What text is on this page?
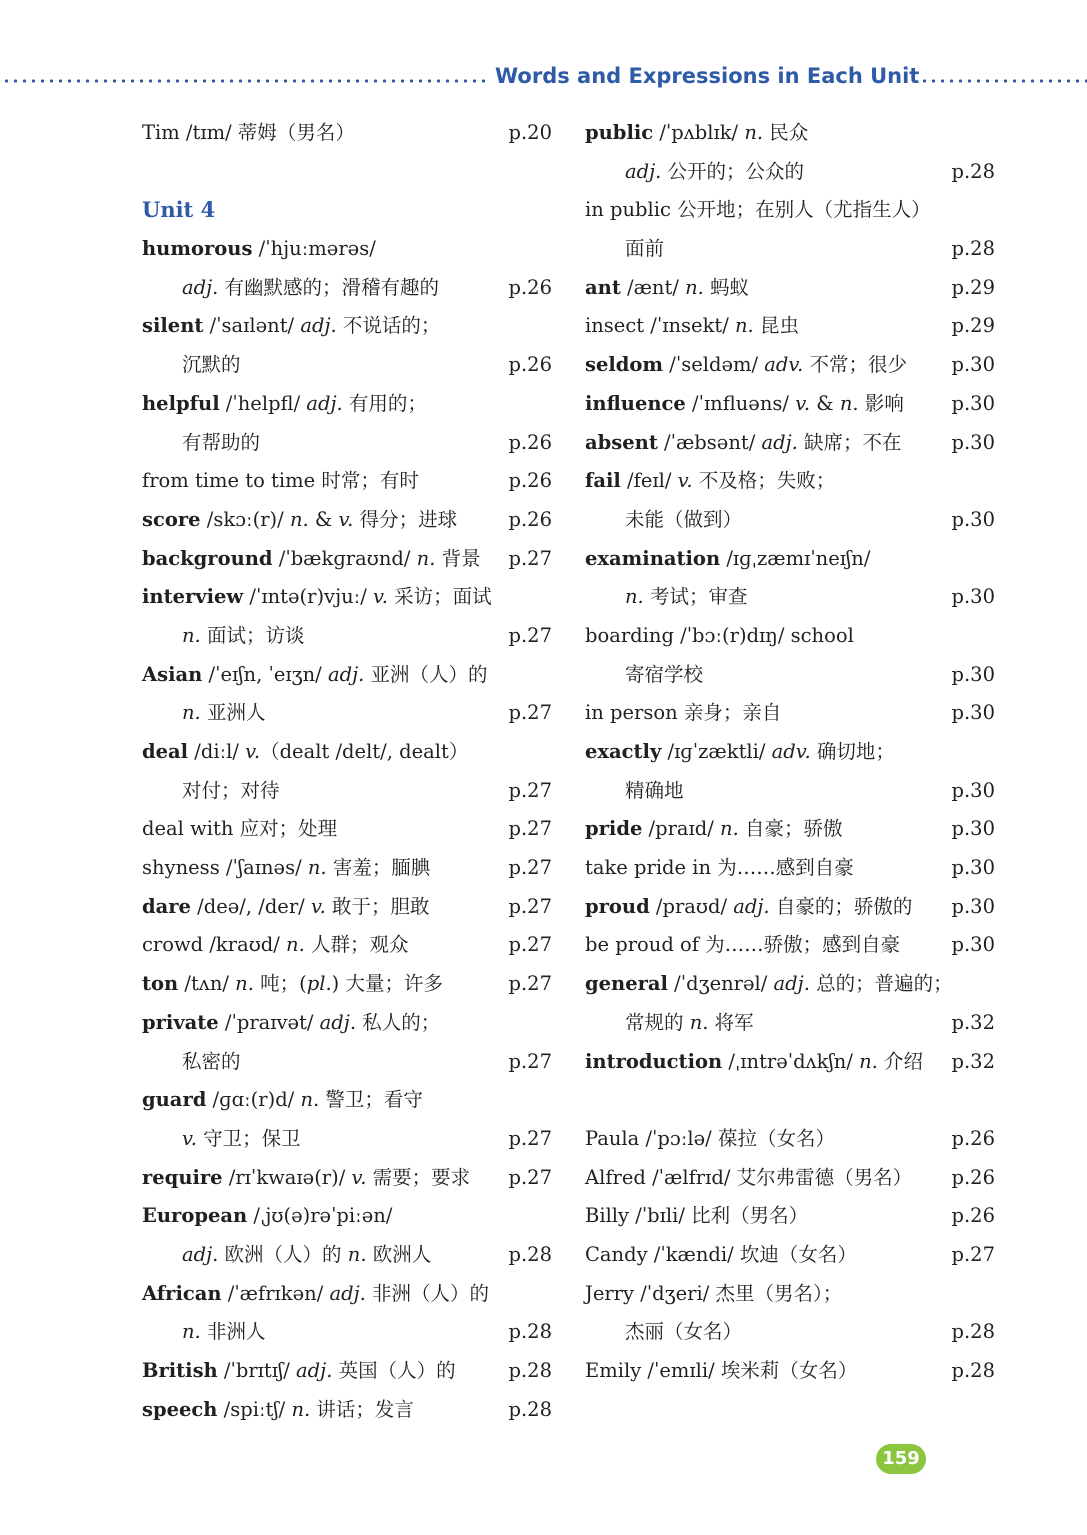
Words and Expressions in Each Unit
Tim /tɪm/ 蒂姆（男名）	p.20
Unit 4
humorous /ˈhjuːmərəs/
adj. 有幽默感的；滑稽有趣的	p.26
silent /ˈsaɪlənt/ adj. 不说话的；
沉默的	p.26
helpful /ˈhelpfl/ adj. 有用的；
有帮助的	p.26
from time to time 时常；有时	p.26
score /skɔː(r)/ n. & v. 得分；进球	p.26
background /ˈbækɡraʊnd/ n. 背景 p.27
interview /ˈɪntə(r)vjuː/ v. 采访；面试
n. 面试；访谈	p.27
Asian /ˈeɪʃn, ˈeɪʒn/ adj. 亚洲（人）的
n. 亚洲人	p.27
deal /diːl/ v.（dealt /delt/, dealt）
对付；对待	p.27
deal with 应对；处理	p.27
shyness /ˈʃaɪnəs/ n. 害羞；腼腆	p.27
dare /deə/, /der/ v. 敢于；胆敢	p.27
crowd /kraʊd/ n. 人群；观众	p.27
ton /tʌn/ n. 吨；(pl.) 大量；许多	p.27
private /ˈpraɪvət/ adj. 私人的；
私密的	p.27
guard /ɡɑː(r)d/ n. 警卫；看守
v. 守卫；保卫	p.27
require /rɪˈkwaɪə(r)/ v. 需要；要求 p.27
European /ˌjʊ(ə)rəˈpiːən/
adj. 欧洲（人）的 n. 欧洲人	p.28
African /ˈæfrɪkən/ adj. 非洲（人）的
n. 非洲人	p.28
British /ˈbrɪtɪʃ/ adj. 英国（人）的	p.28
speech /spiːtʃ/ n. 讲话；发言	p.28
public /ˈpʌblɪk/ n. 民众
adj. 公开的；公众的	p.28
in public 公开地；在别人（尤指生人）
面前	p.28
ant /ænt/ n. 蚂蚁	p.29
insect /ˈɪnsekt/ n. 昆虫	p.29
seldom /ˈseldəm/ adv. 不常；很少 p.30
influence /ˈɪnfluəns/ v. & n. 影响 p.30
absent /ˈæbsənt/ adj. 缺席；不在	p.30
fail /feɪl/ v. 不及格；失败；
未能（做到）	p.30
examination /ɪɡˌzæmɪˈneɪʃn/
n. 考试；审查	p.30
boarding /ˈbɔː(r)dɪŋ/ school
寄宿学校	p.30
in person 亲身；亲自	p.30
exactly /ɪɡˈzæktli/ adv. 确切地；
精确地	p.30
pride /praɪd/ n. 自豪；骄傲	p.30
take pride in 为……感到自豪	p.30
proud /praʊd/ adj. 自豪的；骄傲的 p.30
be proud of 为……骄傲；感到自豪	p.30
general /ˈdʒenrəl/ adj. 总的；普遍的；
常规的 n. 将军	p.32
introduction /ˌɪntrəˈdʌkʃn/ n. 介绍 p.32
Paula /ˈpɔːlə/ 葆拉（女名）	p.26
Alfred /ˈælfrɪd/ 艾尔弗雷德（男名） p.26
Billy /ˈbɪli/ 比利（男名）	p.26
Candy /ˈkændi/ 坎迪（女名）	p.27
Jerry /ˈdʒeri/ 杰里（男名）；
杰丽（女名）	p.28
Emily /ˈemɪli/ 埃米莉（女名）	p.28
159
